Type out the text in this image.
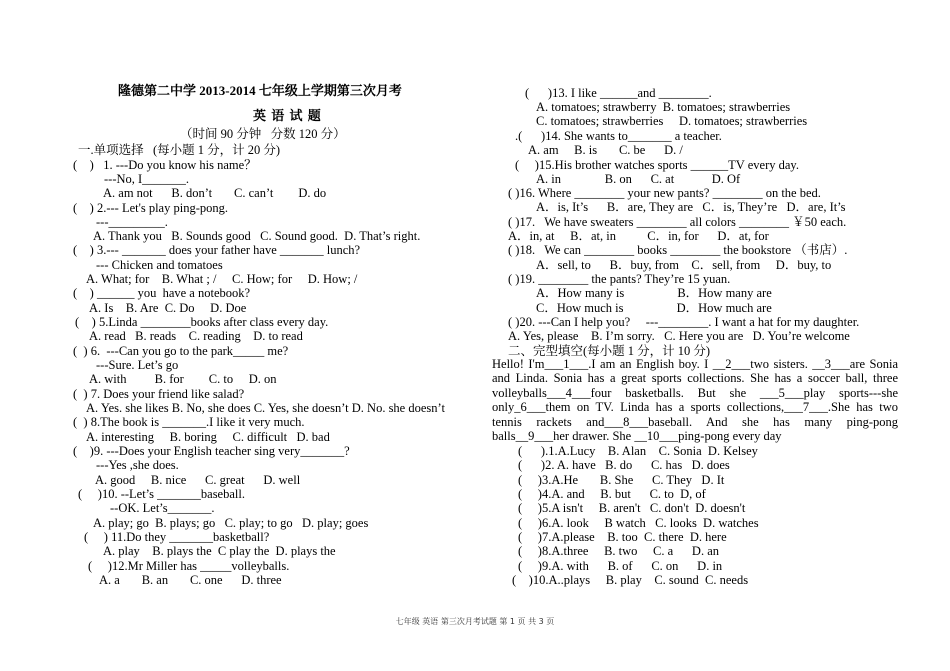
隆德第二中学 2013-2014 七年级上学期第三次月考
英 语 试 题
（时间 90 分钟   分数 120 分）
一.单项选择   (每小题 1 分，计 20 分)
(    )   1. ---Do you know his name？
---No, I_______.
A. am not      B. don’t       C. can’t        D. do
(    ) 2.--- Let's play ping-pong.
---_________.
A. Thank you   B. Sounds good   C. Sound good.  D. That’s right.
(    ) 3.--- _______ does your father have _______ lunch?
--- Chicken and tomatoes
A. What; for    B. What ; /     C. How; for     D. How; /
(    ) ______ you  have a notebook?
A. Is    B. Are  C. Do     D. Doe
(    ) 5.Linda ________books after class every day.
A. read   B. reads    C. reading    D. to read
(  ) 6.  ---Can you go to the park_____ me?
---Sure. Let’s go
A. with         B. for        C. to     D. on
(  ) 7. Does your friend like salad?
A. Yes. she likes B. No, she does C. Yes, she doesn’t D. No. she doesn’t
(  ) 8.The book is _______.I like it very much.
A. interesting     B. boring     C. difficult   D. bad
(    )9. ---Does your English teacher sing very_______?
---Yes ,she does.
A. good     B. nice      C. great      D. well
(     )10. --Let’s _______baseball.
--OK. Let’s_______.
A. play; go  B. plays; go   C. play; to go   D. play; goes
(     ) 11.Do they _______basketball?
A. play    B. plays the  C play the  D. plays the
(     )12.Mr Miller has _____volleyballs.
A. a       B. an       C. one      D. three
(      )13. I like ______and ________.
A. tomatoes; strawberry  B. tomatoes; strawberries
C. tomatoes; strawberries     D. tomatoes; strawberries
.(      )14. She wants to_______ a teacher.
A. am     B. is       C. be      D. /
(     )15.His brother watches sports ______TV every day.
A. in              B. on      C. at            D. Of
( )16. Where ________ your new pants? ________ on the bed.
A．is, It’s      B．are, They are   C．is, They’re   D．are, It’s
( )17.   We have sweaters ________ all colors ________ ￥50 each.
A．in, at     B．at, in          C．in, for      D．at, for
( )18.   We can ________ books ________ the bookstore （书店）.
A．sell, to      B．buy, from    C．sell, from     D．buy, to
( )19. ________ the pants? They’re 15 yuan.
A．How many is                 B．How many are
C．How much is                 D．How much are
( )20. ---Can I help you?     ---________. I want a hat for my daughter.
A. Yes, please    B. I’m sorry.   C. Here you are   D. You’re welcome
二、完型填空(每小题 1 分，计 10 分)
(      ).1.A.Lucy    B. Alan    C. Sonia  D. Kelsey
(      )2. A. have   B. do      C. has   D. does
(     )3.A.He       B. She      C. They   D. It
(     )4.A. and     B. but      C. to  D, of
(     )5.A isn't     B. aren't   C. don't  D. doesn't
(     )6.A. look     B watch   C. looks  D. watches
(     )7.A.please    B. too  C. there  D. here
(     )8.A.three     B. two     C. a      D. an
(     )9.A. with      B. of      C. on      D. in
(    )10.A..plays     B. play    C. sound  C. needs
Hello! I'm___1___.I am an English boy. I __2___two sisters. __3___are Sonia and Linda. Sonia has a great sports collections. She has a soccer ball, three volleyballs___4___four basketballs. But she ___5___play sports---she only_6___them on TV. Linda has a sports collections,___7___.She has two tennis rackets and___8___baseball. And she has many ping-pong balls__9___her drawer. She __10___ping-pong every day
七年级 英语 第三次月考试题 第 1 页 共 3 页
